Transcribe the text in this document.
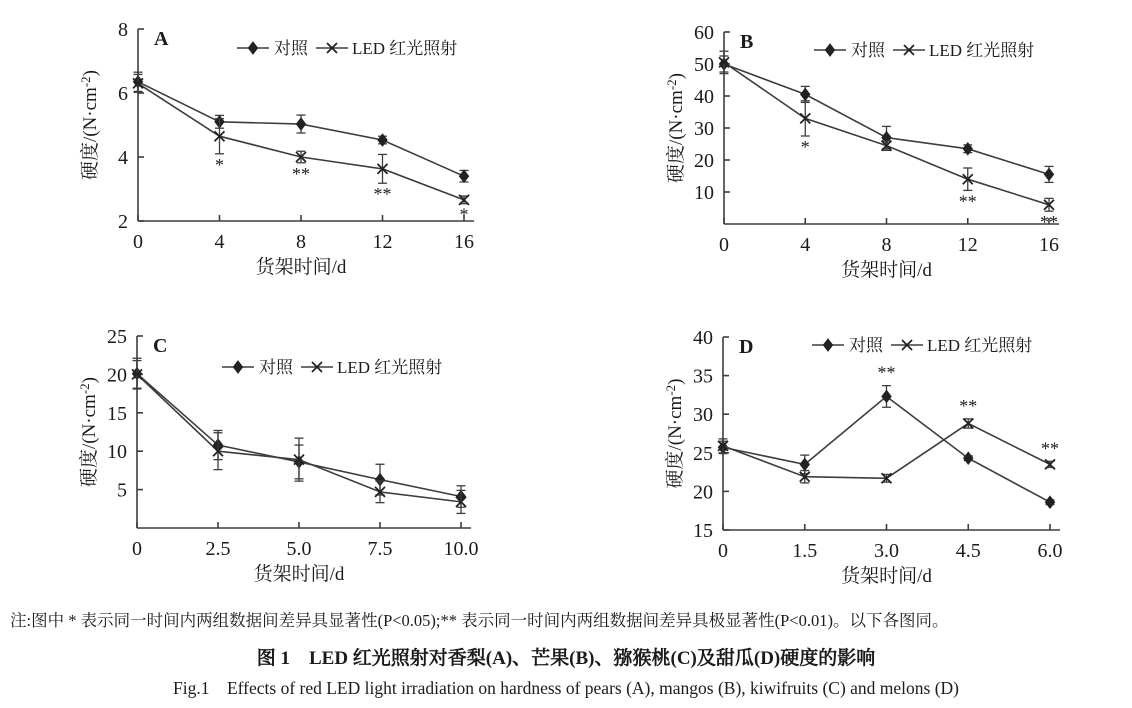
2
4
6
8
0	4	8	12	16
A
硬度$/(N\cdot cm^{-2})$
货架时间/d
*	**
**
*
对照	LED 红光照射
10
20
30
40
50
60
0	4	8	12	16
B
硬度$/(N\cdot cm^{-2})$
货架时间/d
*
**
**
对照	LED 红光照射
5
10
15
20
25
0	2.5	5.0	7.5	10.0
C
硬度$/(N\cdot cm^{-2})$
货架时间/d
对照	LED 红光照射
15
20
25
30
35
40
0	1.5	3.0	4.5	6.0
D
硬度$/(N\cdot cm^{-2})$
货架时间/d
**
**
**
对照	LED 红光照射

注:图中 * 表示同一时间内两组数据间差异具显著性(P<0.05);** 表示同一时间内两组数据间差异具极显著性(P<0.01)。以下各图同。

图 1　LED 红光照射对香梨(A)、芒果(B)、猕猴桃(C)及甜瓜(D)硬度的影响

Fig.1　Effects of red LED light irradiation on hardness of pears (A), mangos (B), kiwifruits (C) and melons (D)
